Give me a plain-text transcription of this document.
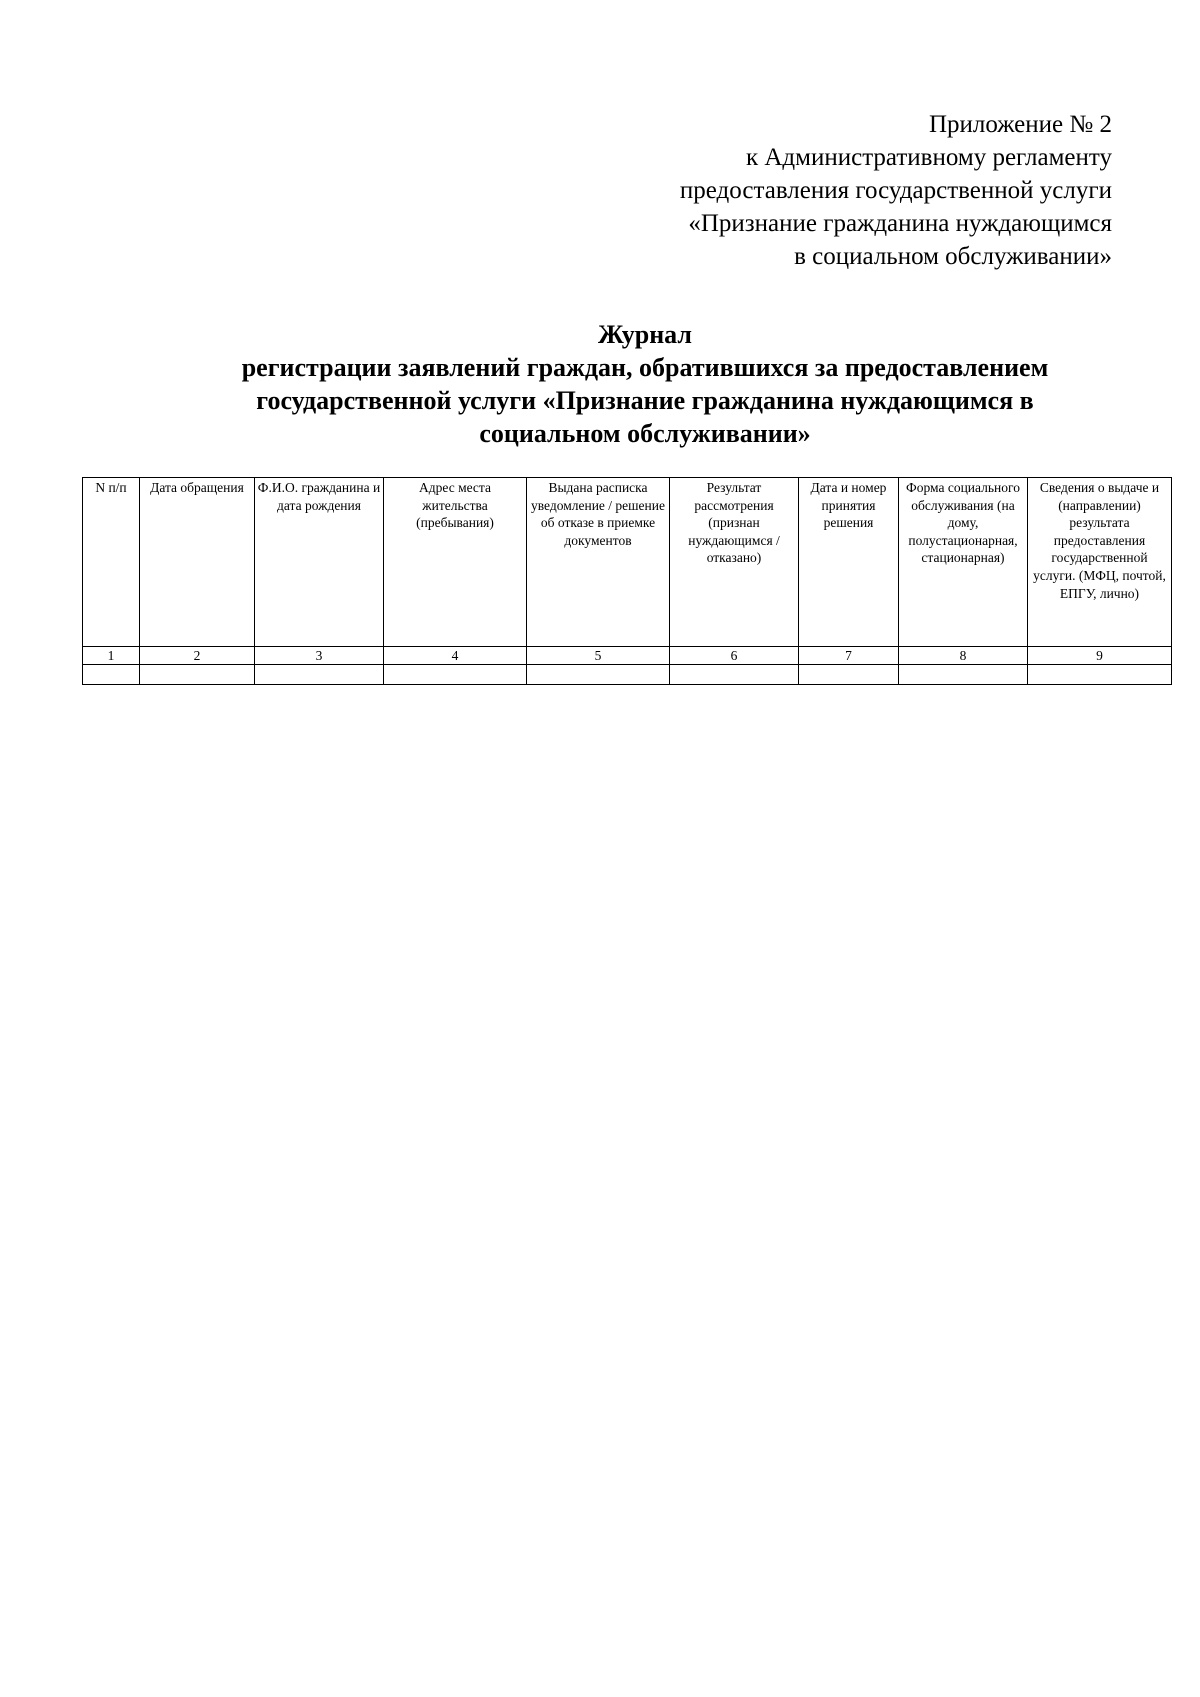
Приложение № 2
к Административному регламенту
предоставления государственной услуги
«Признание гражданина нуждающимся
в социальном обслуживании»
Журнал
регистрации заявлений граждан, обратившихся за предоставлением
государственной услуги «Признание гражданина нуждающимся в
социальном обслуживании»
N п/п	Дата обращения	Ф.И.О. гражданина и дата рождения	Адрес места жительства (пребывания)	Выдана расписка уведомление / решение об отказе в приемке документов	Результат рассмотрения (признан нуждающимся / отказано)	Дата и номер принятия решения	Форма социального обслуживания (на дому, полустационарная, стационарная)	Сведения о выдаче и (направлении) результата предоставления государственной услуги. (МФЦ, почтой, ЕПГУ, лично)
1	2	3	4	5	6	7	8	9
